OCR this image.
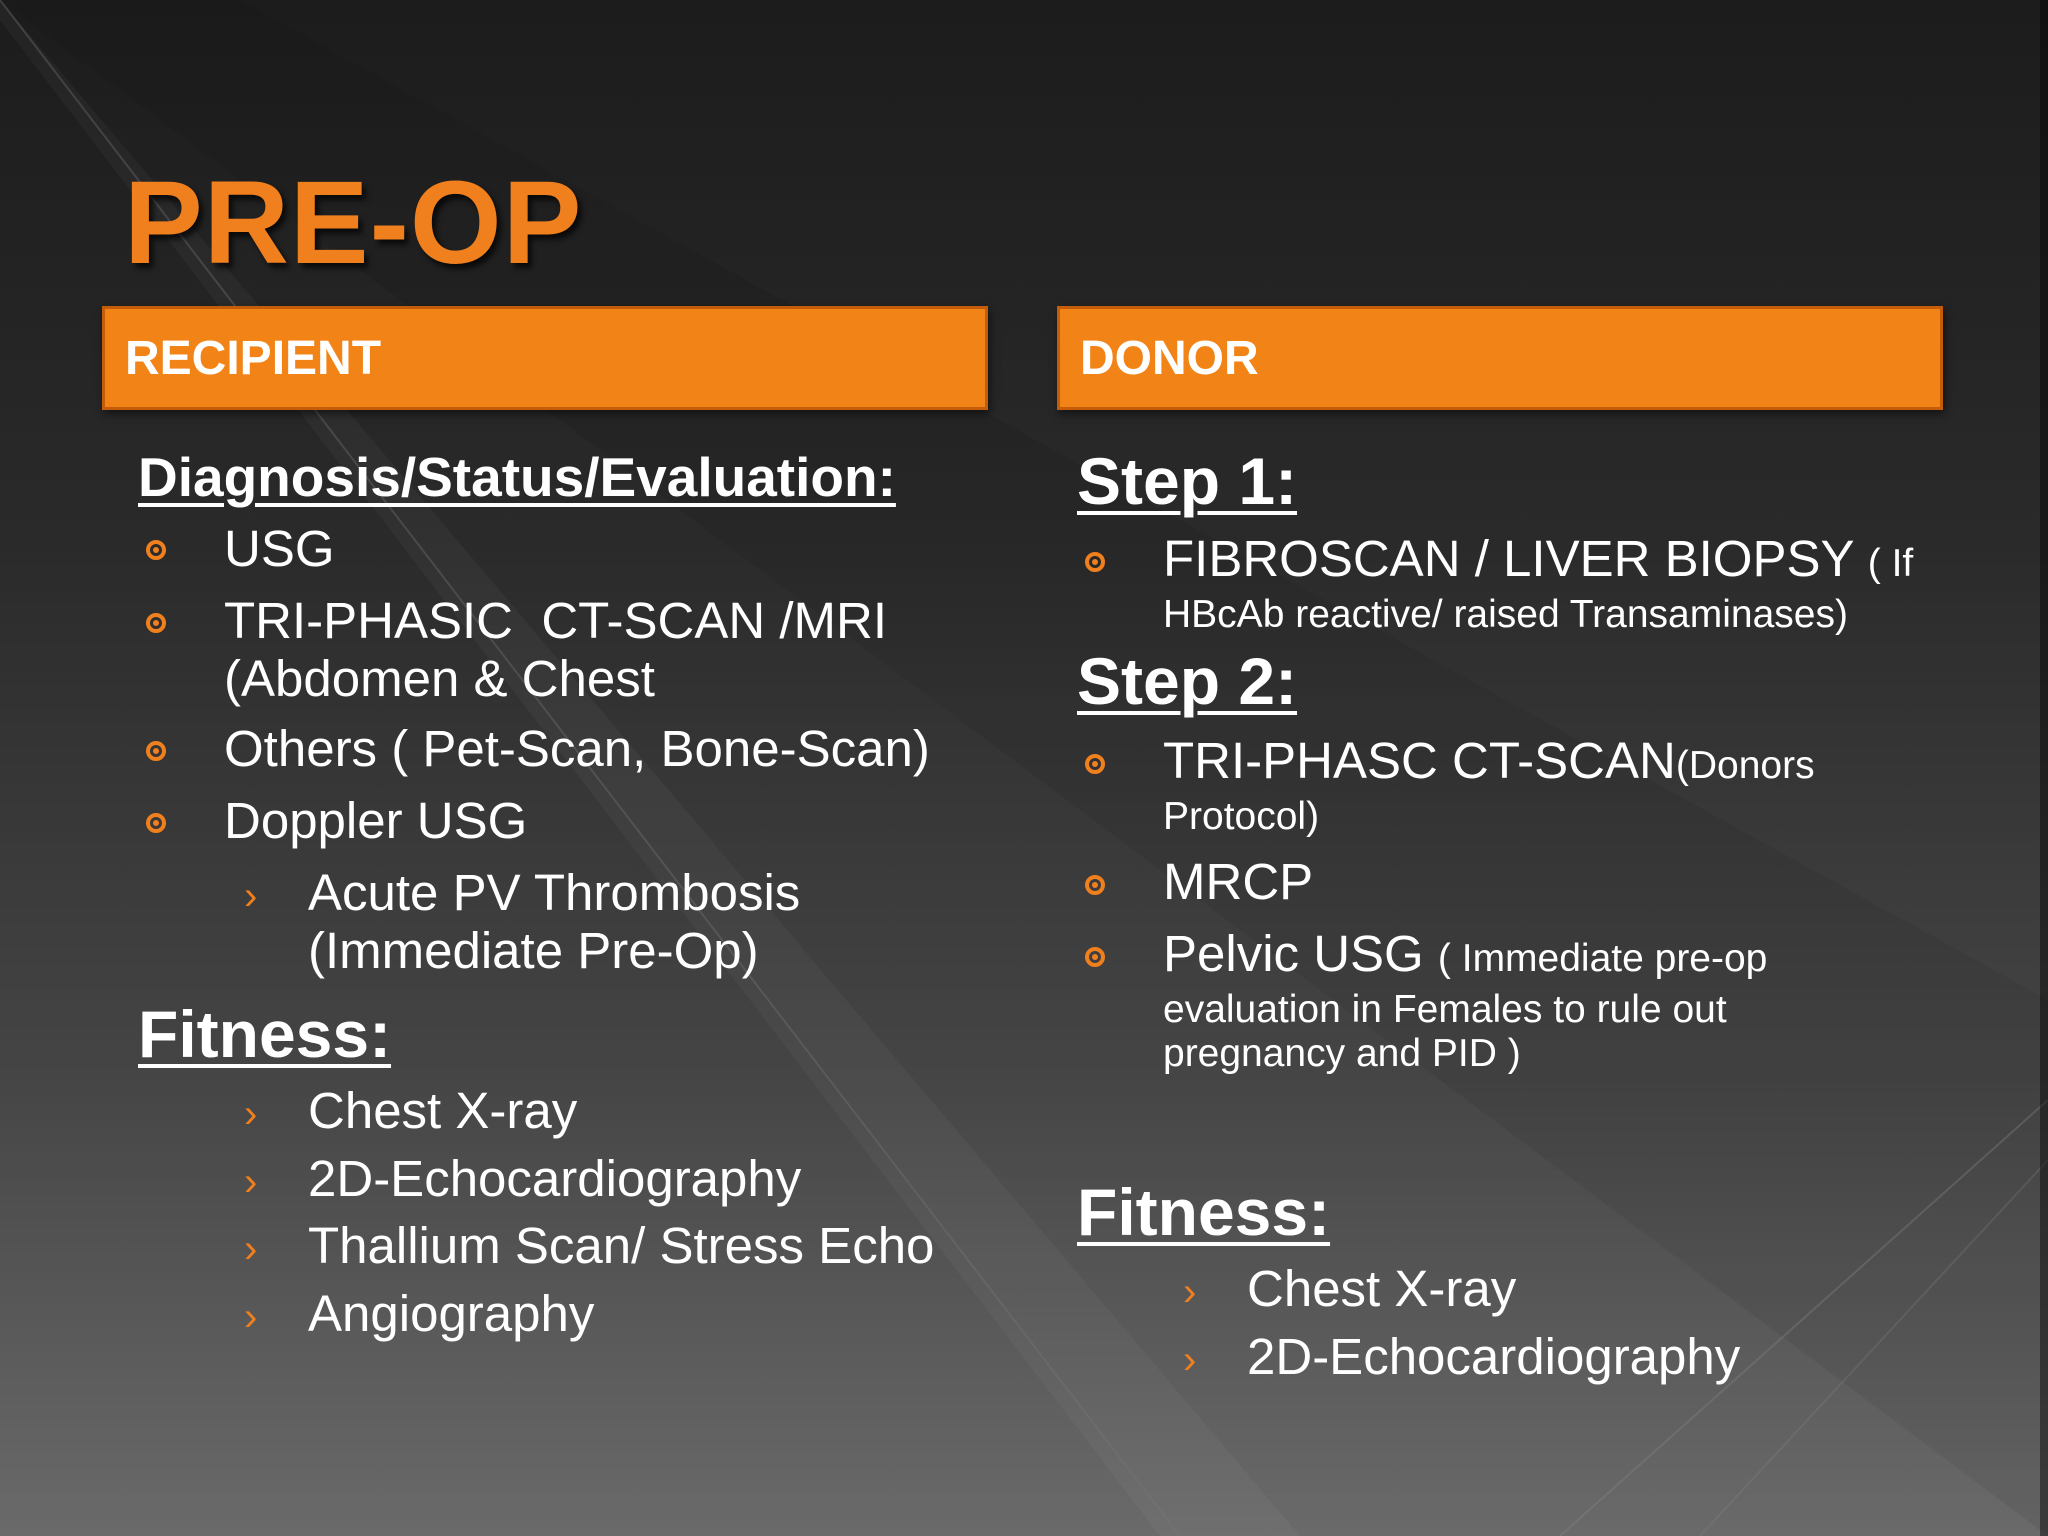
PRE-OP
RECIPIENT	DONOR
Diagnosis/Status/Evaluation:
USG
TRI-PHASIC  CT-SCAN /MRI
(Abdomen & Chest
Others ( Pet-Scan, Bone-Scan)
Doppler USG
› Acute PV Thrombosis
(Immediate Pre-Op)
Fitness:
› Chest X-ray
› 2D-Echocardiography
› Thallium Scan/ Stress Echo
› Angiography
Step 1:
FIBROSCAN / LIVER BIOPSY ( If
HBcAb reactive/ raised Transaminases)
Step 2:
TRI-PHASC CT-SCAN(Donors
Protocol)
MRCP
Pelvic USG ( Immediate pre-op
evaluation in Females to rule out
pregnancy and PID )
Fitness:
› Chest X-ray
› 2D-Echocardiography
